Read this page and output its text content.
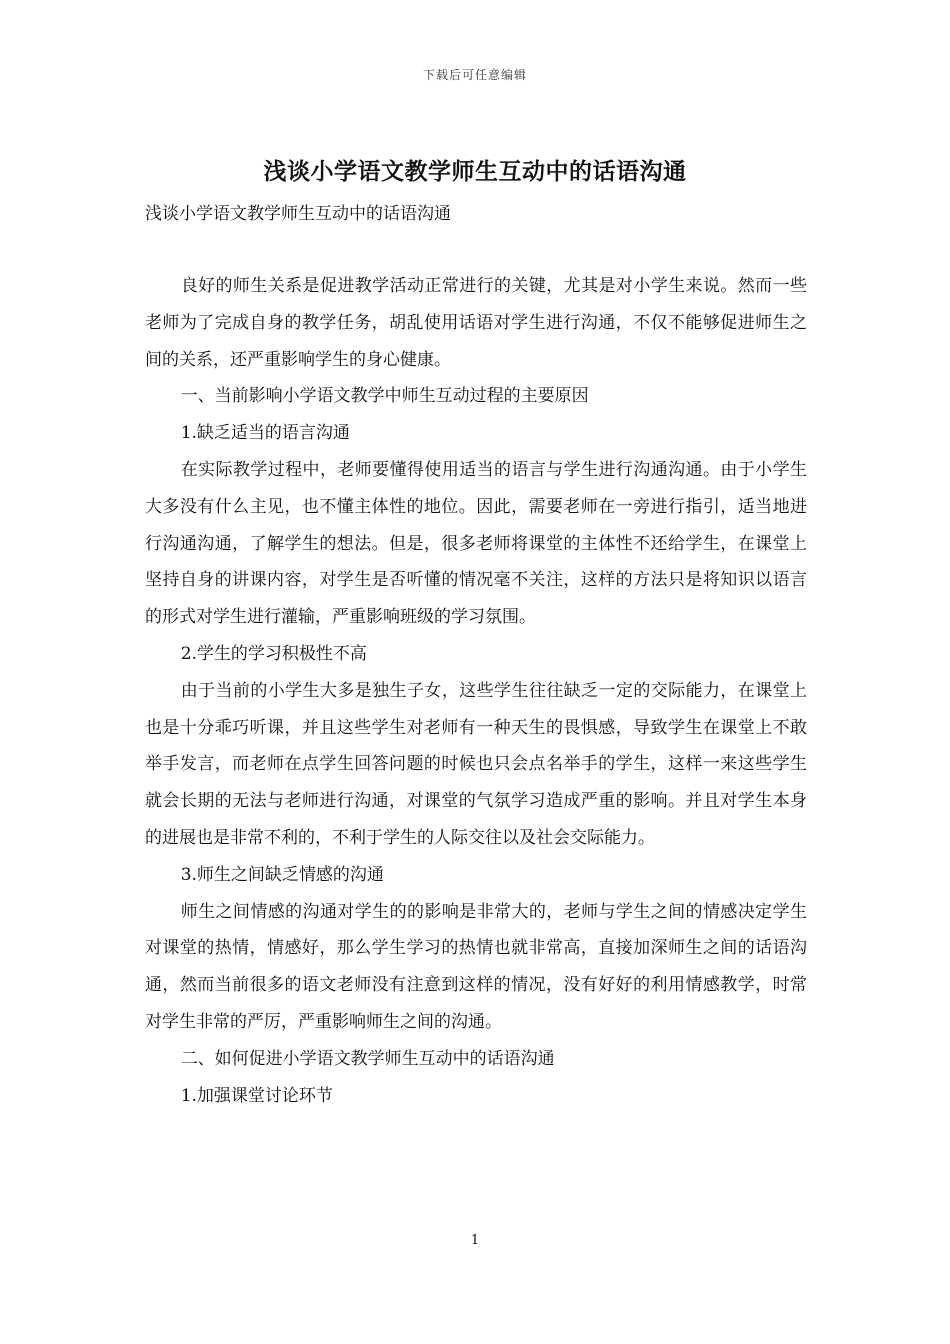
下载后可任意编辑
浅谈小学语文教学师生互动中的话语沟通
浅谈小学语文教学师生互动中的话语沟通

良好的师生关系是促进教学活动正常进行的关键，尤其是对小学生来说。然而一些老师为了完成自身的教学任务，胡乱使用话语对学生进行沟通，不仅不能够促进师生之间的关系，还严重影响学生的身心健康。

一、当前影响小学语文教学中师生互动过程的主要原因

1.缺乏适当的语言沟通

在实际教学过程中，老师要懂得使用适当的语言与学生进行沟通沟通。由于小学生大多没有什么主见，也不懂主体性的地位。因此，需要老师在一旁进行指引，适当地进行沟通沟通，了解学生的想法。但是，很多老师将课堂的主体性不还给学生，在课堂上坚持自身的讲课内容，对学生是否听懂的情况毫不关注，这样的方法只是将知识以语言的形式对学生进行灌输，严重影响班级的学习氛围。

2.学生的学习积极性不高

由于当前的小学生大多是独生子女，这些学生往往缺乏一定的交际能力，在课堂上也是十分乖巧听课，并且这些学生对老师有一种天生的畏惧感，导致学生在课堂上不敢举手发言，而老师在点学生回答问题的时候也只会点名举手的学生，这样一来这些学生就会长期的无法与老师进行沟通，对课堂的气氛学习造成严重的影响。并且对学生本身的进展也是非常不利的，不利于学生的人际交往以及社会交际能力。

3.师生之间缺乏情感的沟通

师生之间情感的沟通对学生的的影响是非常大的，老师与学生之间的情感决定学生对课堂的热情，情感好，那么学生学习的热情也就非常高，直接加深师生之间的话语沟通，然而当前很多的语文老师没有注意到这样的情况，没有好好的利用情感教学，时常对学生非常的严厉，严重影响师生之间的沟通。

二、如何促进小学语文教学师生互动中的话语沟通

1.加强课堂讨论环节

1
